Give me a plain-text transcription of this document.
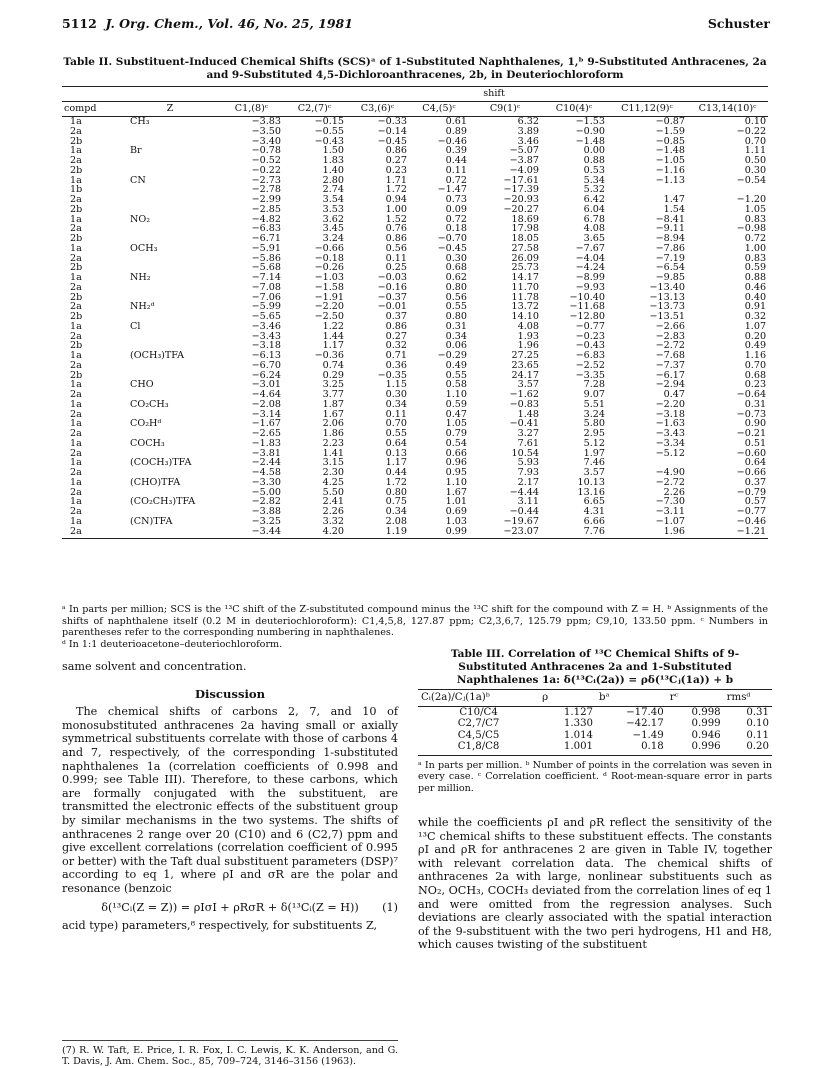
5112 J. Org. Chem., Vol. 46, No. 25, 1981	Schuster
Table II. Substituent-Induced Chemical Shifts (SCS)ᵃ of 1-Substituted Naphthalenes, 1,ᵇ 9-Substituted Anthracenes, 2a and 9-Substituted 4,5-Dichloroanthracenes, 2b, in Deuteriochloroform
		shift							
compd	Z	C1,(8)ᶜ	C2,(7)ᶜ	C3,(6)ᶜ	C4,(5)ᶜ	C9(1)ᶜ	C10(4)ᶜ	C11,12(9)ᶜ	C13,14(10)ᶜ
1a	CH₃	−3.83	−0.15	−0.33	0.61	6.32	−1.53	−0.87	0.10
2a		−3.50	−0.55	−0.14	0.89	3.89	−0.90	−1.59	−0.22
2b		−3.40	−0.43	−0.45	−0.46	3.46	−1.48	−0.85	0.70
1a	Br	−0.78	1.50	0.86	0.39	−5.07	0.00	−1.48	1.11
2a		−0.52	1.83	0.27	0.44	−3.87	0.88	−1.05	0.50
2b		−0.22	1.40	0.23	0.11	−4.09	0.53	−1.16	0.30
1a	CN	−2.73	2.80	1.71	0.72	−17.61	5.34	−1.13	−0.54
1b		−2.78	2.74	1.72	−1.47	−17.39	5.32		
2a		−2.99	3.54	0.94	0.73	−20.93	6.42	1.47	−1.20
2b		−2.85	3.53	1.00	0.09	−20.27	6.04	1.54	1.05
1a	NO₂	−4.82	3.62	1.52	0.72	18.69	6.78	−8.41	0.83
2a		−6.83	3.45	0.76	0.18	17.98	4.08	−9.11	−0.98
2b		−6.71	3.24	0.86	−0.70	18.05	3.65	−8.94	0.72
1a	OCH₃	−5.91	−0.66	0.56	−0.45	27.58	−7.67	−7.86	1.00
2a		−5.86	−0.18	0.11	0.30	26.09	−4.04	−7.19	0.83
2b		−5.68	−0.26	0.25	0.68	25.73	−4.24	−6.54	0.59
1a	NH₂	−7.14	−1.03	−0.03	0.62	14.17	−8.99	−9.85	0.88
2a		−7.08	−1.58	−0.16	0.80	11.70	−9.93	−13.40	0.46
2b		−7.06	−1.91	−0.37	0.56	11.78	−10.40	−13.13	0.40
2a	NH₂ᵈ	−5.99	−2.20	−0.01	0.55	13.72	−11.68	−13.73	0.91
2b		−5.65	−2.50	0.37	0.80	14.10	−12.80	−13.51	0.32
1a	Cl	−3.46	1.22	0.86	0.31	4.08	−0.77	−2.66	1.07
2a		−3.43	1.44	0.27	0.34	1.93	−0.23	−2.83	0.20
2b		−3.18	1.17	0.32	0.06	1.96	−0.43	−2.72	0.49
1a	(OCH₃)TFA	−6.13	−0.36	0.71	−0.29	27.25	−6.83	−7.68	1.16
2a		−6.70	0.74	0.36	0.49	23.65	−2.52	−7.37	0.70
2b		−6.24	0.29	−0.35	0.55	24.17	−3.35	−6.17	0.68
1a	CHO	−3.01	3.25	1.15	0.58	3.57	7.28	−2.94	0.23
2a		−4.64	3.77	0.30	1.10	−1.62	9.07	0.47	−0.64
1a	CO₂CH₃	−2.08	1.87	0.34	0.59	−0.83	5.51	−2.20	0.31
2a		−3.14	1.67	0.11	0.47	1.48	3.24	−3.18	−0.73
1a	CO₂Hᵈ	−1.67	2.06	0.70	1.05	−0.41	5.80	−1.63	0.90
2a		−2.65	1.86	0.55	0.79	3.27	2.95	−3.43	−0.21
1a	COCH₃	−1.83	2.23	0.64	0.54	7.61	5.12	−3.34	0.51
2a		−3.81	1.41	0.13	0.66	10.54	1.97	−5.12	−0.60
1a	(COCH₃)TFA	−2.44	3.15	1.17	0.96	5.93	7.46		0.64
2a		−4.58	2.30	0.44	0.95	7.93	3.57	−4.90	−0.66
1a	(CHO)TFA	−3.30	4.25	1.72	1.10	2.17	10.13	−2.72	0.37
2a		−5.00	5.50	0.80	1.67	−4.44	13.16	2.26	−0.79
1a	(CO₂CH₃)TFA	−2.82	2.41	0.75	1.01	3.11	6.65	−7.30	0.57
2a		−3.88	2.26	0.34	0.69	−0.44	4.31	−3.11	−0.77
1a	(CN)TFA	−3.25	3.32	2.08	1.03	−19.67	6.66	−1.07	−0.46
2a		−3.44	4.20	1.19	0.99	−23.07	7.76	1.96	−1.21
ᵃ In parts per million; SCS is the ¹³C shift of the Z-substituted compound minus the ¹³C shift for the compound with Z = H. ᵇ Assignments of the shifts of naphthalene itself (0.2 M in deuteriochloroform): C1,4,5,8, 127.87 ppm; C2,3,6,7, 125.79 ppm; C9,10, 133.50 ppm. ᶜ Numbers in parentheses refer to the corresponding numbering in naphthalenes.
ᵈ In 1:1 deuterioacetone–deuteriochloroform.

same solvent and concentration.

Discussion

The chemical shifts of carbons 2, 7, and 10 of monosubstituted anthracenes 2a having small or axially symmetrical substituents correlate with those of carbons 4 and 7, respectively, of the corresponding 1-substituted naphthalenes 1a (correlation coefficients of 0.998 and 0.999; see Table III). Therefore, to these carbons, which are formally conjugated with the substituent, are transmitted the electronic effects of the substituent group by similar mechanisms in the two systems. The shifts of anthracenes 2 range over 20 (C10) and 6 (C2,7) ppm and give excellent correlations (correlation coefficient of 0.995 or better) with the Taft dual substituent parameters (DSP)⁷ according to eq 1, where ρI and σR are the polar and resonance (benzoic

δ(¹³Cᵢ(Z = Z)) = ρIσI + ρRσR + δ(¹³Cᵢ(Z = H)) (1)

acid type) parameters,⁸ respectively, for substituents Z,

(7) R. W. Taft, E. Price, I. R. Fox, I. C. Lewis, K. K. Anderson, and G. T. Davis, J. Am. Chem. Soc., 85, 709–724, 3146–3156 (1963).
Table III. Correlation of ¹³C Chemical Shifts of 9-Substituted Anthracenes 2a and 1-Substituted Naphthalenes 1a: δ(¹³Cᵢ(2a)) = ρδ(¹³Cⱼ(1a)) + b
Cᵢ(2a)/Cⱼ(1a)ᵇ	ρ	bᵃ	rᶜ	rmsᵈ
C10/C4	1.127	−17.40	0.998	0.31
C2,7/C7	1.330	−42.17	0.999	0.10
C4,5/C5	1.014	−1.49	0.946	0.11
C1,8/C8	1.001	0.18	0.996	0.20
ᵃ In parts per million. ᵇ Number of points in the correlation was seven in every case. ᶜ Correlation coefficient. ᵈ Root-mean-square error in parts per million.

while the coefficients ρI and ρR reflect the sensitivity of the ¹³C chemical shifts to these substituent effects. The constants ρI and ρR for anthracenes 2 are given in Table IV, together with relevant correlation data. The chemical shifts of anthracenes 2a with large, nonlinear substituents such as NO₂, OCH₃, COCH₃ deviated from the correlation lines of eq 1 and were omitted from the regression analyses. Such deviations are clearly associated with the spatial interaction of the 9-substituent with the two peri hydrogens, H1 and H8, which causes twisting of the substituent
